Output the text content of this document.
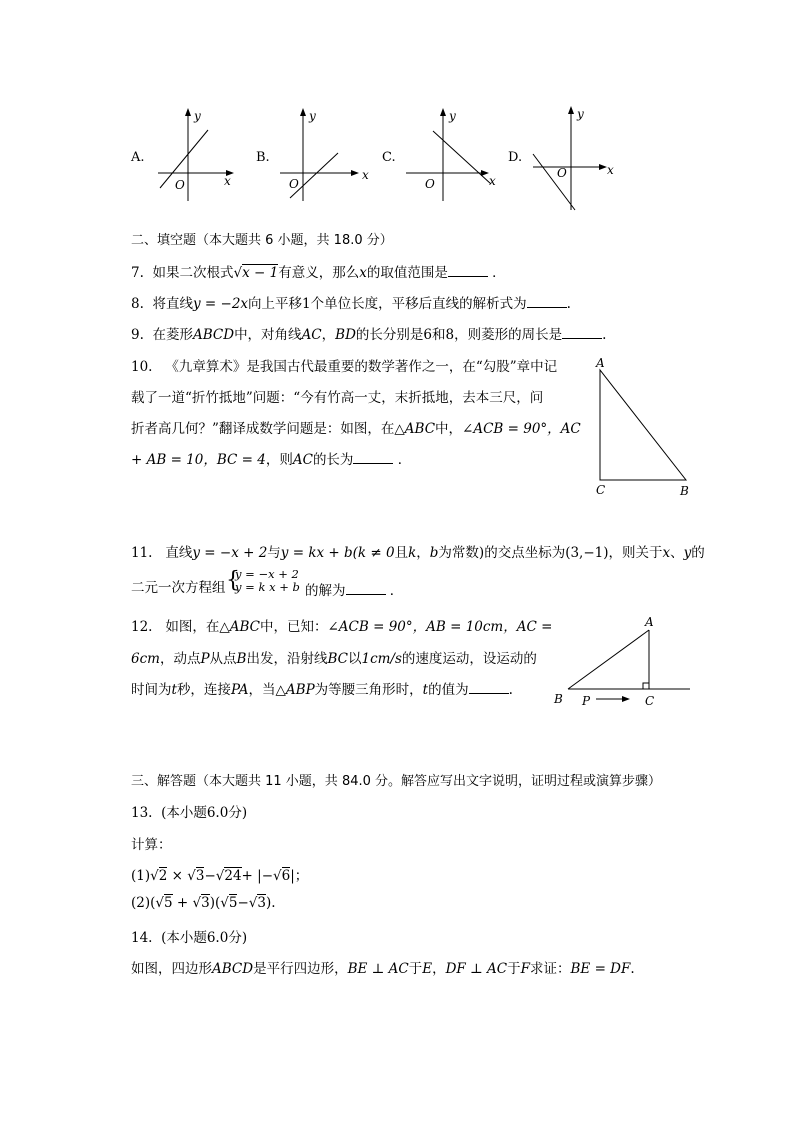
A.
y
x
O
B.
y
x
O
C.
y
x
O
D.
y
x
O
二、填空题（本大题共 6 小题，共 18.0 分）
7. 如果二次根式√x − 1有意义，那么x的取值范围是	．
8. 将直线y = −2x向上平移1个单位长度，平移后直线的解析式为	.
9. 在菱形ABCD中，对角线AC，BD的长分别是6和8，则菱形的周长是	.
10. 《九章算术》是我国古代最重要的数学著作之一，在“勾股”章中记
载了一道“折竹抵地”问题：“今有竹高一丈，末折抵地，去本三尺，问
折者高几何？”翻译成数学问题是：如图，在△ABC中，∠ACB = 90°，AC
+ AB = 10，BC = 4，则AC的长为	．
A
C	B
11. 直线y = −x + 2与y = kx + b(k ≠ 0且k，b为常数)的交点坐标为(3,−1)，则关于x、y的
二元一次方程组 {
y = −x + 2
y = k x + b 的解为	．
12. 如图，在△ABC中，已知：∠ACB = 90°，AB = 10cm，AC =
6cm，动点P从点B出发，沿射线BC以1cm/s的速度运动，设运动的
时间为t秒，连接PA，当△ABP为等腰三角形时，t的值为	.
A
B P	C
三、解答题（本大题共 11 小题，共 84.0 分。解答应写出文字说明，证明过程或演算步骤）
13. (本小题6.0分)
计算：
(1)√2 × √3−√24+ |−√6|；
(2)(√5 + √3)(√5−√3).
14. (本小题6.0分)
如图，四边形ABCD是平行四边形，BE ⊥ AC于E，DF ⊥ AC于F求证：BE = DF.
